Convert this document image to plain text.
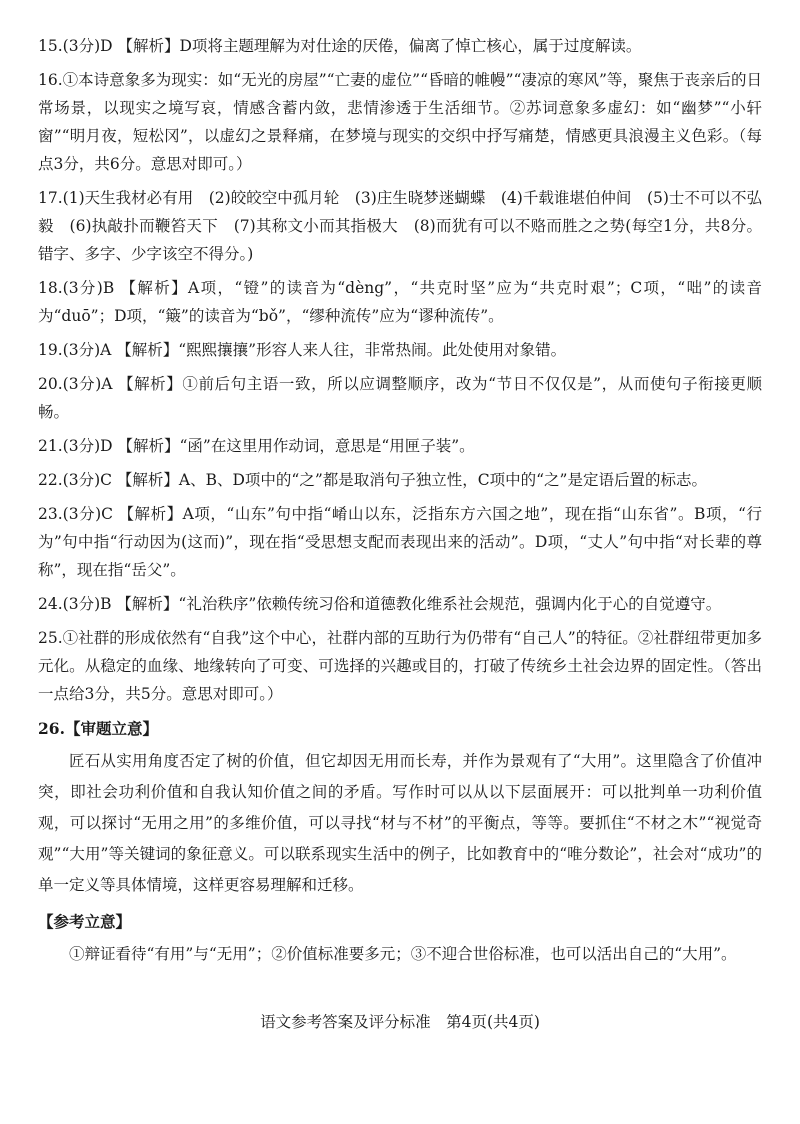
15.(3分)D 【解析】D项将主题理解为对仕途的厌倦，偏离了悼亡核心，属于过度解读。

16.①本诗意象多为现实：如“无光的房屋”“亡妻的虚位”“昏暗的帷幔”“凄凉的寒风”等，聚焦于丧亲后的日常场景，以现实之境写哀，情感含蓄内敛，悲情渗透于生活细节。②苏词意象多虚幻：如“幽梦”“小轩窗”“明月夜，短松冈”，以虚幻之景释痛，在梦境与现实的交织中抒写痛楚，情感更具浪漫主义色彩。（每点3分，共6分。意思对即可。）

17.(1)天生我材必有用　(2)皎皎空中孤月轮　(3)庄生晓梦迷蝴蝶　(4)千载谁堪伯仲间　(5)士不可以不弘毅　(6)执敲扑而鞭笞天下　(7)其称文小而其指极大　(8)而犹有可以不赂而胜之之势(每空1分，共8分。错字、多字、少字该空不得分。)

18.(3分)B 【解析】A项，“镫”的读音为“dèng”，“共克时坚”应为“共克时艰”；C项，“咄”的读音为“duō”；D项，“簸”的读音为“bǒ”，“缪种流传”应为“谬种流传”。

19.(3分)A 【解析】“熙熙攘攘”形容人来人往，非常热闹。此处使用对象错。

20.(3分)A 【解析】①前后句主语一致，所以应调整顺序，改为“节日不仅仅是”，从而使句子衔接更顺畅。

21.(3分)D 【解析】“函”在这里用作动词，意思是“用匣子装”。

22.(3分)C 【解析】A、B、D项中的“之”都是取消句子独立性，C项中的“之”是定语后置的标志。

23.(3分)C 【解析】A项，“山东”句中指“崤山以东，泛指东方六国之地”，现在指“山东省”。B项，“行为”句中指“行动因为(这而)”，现在指“受思想支配而表现出来的活动”。D项，“丈人”句中指“对长辈的尊称”，现在指“岳父”。

24.(3分)B 【解析】“礼治秩序”依赖传统习俗和道德教化维系社会规范，强调内化于心的自觉遵守。

25.①社群的形成依然有“自我”这个中心，社群内部的互助行为仍带有“自己人”的特征。②社群纽带更加多元化。从稳定的血缘、地缘转向了可变、可选择的兴趣或目的，打破了传统乡土社会边界的固定性。（答出一点给3分，共5分。意思对即可。）

26.【审题立意】

匠石从实用角度否定了树的价值，但它却因无用而长寿，并作为景观有了“大用”。这里隐含了价值冲突，即社会功利价值和自我认知价值之间的矛盾。写作时可以从以下层面展开：可以批判单一功利价值观，可以探讨“无用之用”的多维价值，可以寻找“材与不材”的平衡点，等等。要抓住“不材之木”“视觉奇观”“大用”等关键词的象征意义。可以联系现实生活中的例子，比如教育中的“唯分数论”，社会对“成功”的单一定义等具体情境，这样更容易理解和迁移。

【参考立意】

①辩证看待“有用”与“无用”；②价值标准要多元；③不迎合世俗标准，也可以活出自己的“大用”。

语文参考答案及评分标准　第4页(共4页)
